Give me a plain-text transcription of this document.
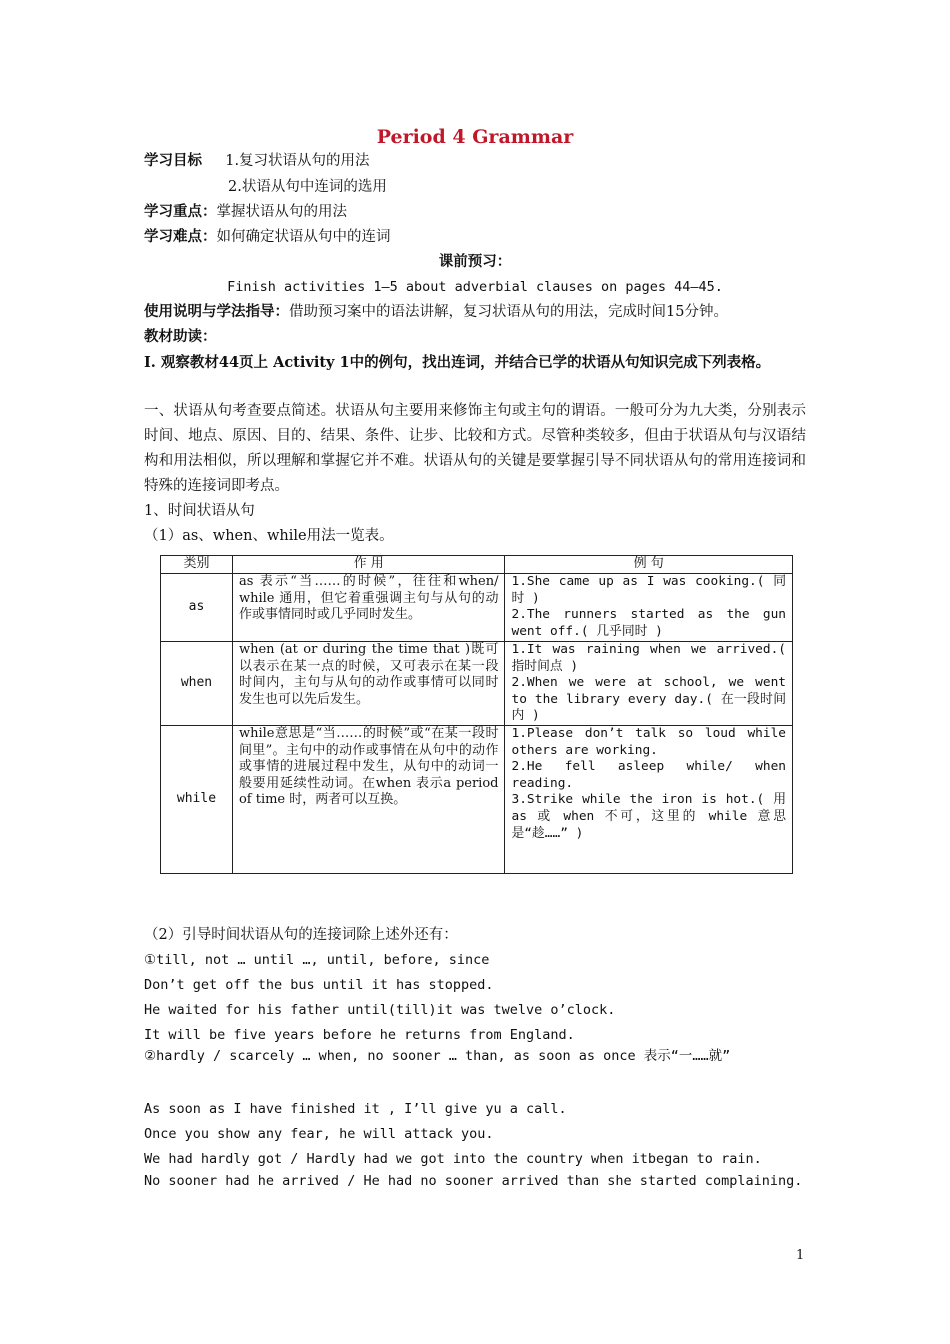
Period 4 Grammar
学习目标 1.复习状语从句的用法
2.状语从句中连词的选用
学习重点：掌握状语从句的用法
学习难点：如何确定状语从句中的连词
课前预习：
Finish activities 1—5 about adverbial clauses on pages 44—45.
使用说明与学法指导：借助预习案中的语法讲解，复习状语从句的用法，完成时间15分钟。
教材助读：
I. 观察教材44页上 Activity 1中的例句，找出连词，并结合已学的状语从句知识完成下列表格。
一、状语从句考查要点简述。状语从句主要用来修饰主句或主句的谓语。一般可分为九大类，分别表示时间、地点、原因、目的、结果、条件、让步、比较和方式。尽管种类较多，但由于状语从句与汉语结构和用法相似，所以理解和掌握它并不难。状语从句的关键是要掌握引导不同状语从句的常用连接词和特殊的连接词即考点。
1、时间状语从句
（1）as、when、while用法一览表。
类别	作 用	例 句
as	as 表示“当……的时候”，往往和when/ while 通用，但它着重强调主句与从句的动作或事情同时或几乎同时发生。	1.She came up as I was cooking.( 同时 )
2.The runners started as the gun went off.( 几乎同时 )

when	when (at or during the time that )既可以表示在某一点的时候，又可表示在某一段时间内，主句与从句的动作或事情可以同时发生也可以先后发生。	1.It was raining when we arrived.( 指时间点 )
2.When we were at school, we went to the library every day.( 在一段时间内 )

while	while意思是“当……的时候”或“在某一段时间里”。主句中的动作或事情在从句中的动作或事情的进展过程中发生，从句中的动词一般要用延续性动词。在when 表示a period of time 时，两者可以互换。	1.Please don’t talk so loud while others are working.
2.He fell asleep while/ when reading.
3.Strike while the iron is hot.( 用 as 或 when 不可，这里的 while 意思是“趁……” )
（2）引导时间状语从句的连接词除上述外还有：
①till, not … until …, until, before, since
Don’t get off the bus until it has stopped.
He waited for his father until(till)it was twelve o’clock.
It will be five years before he returns from England.
②hardly / scarcely … when, no sooner … than, as soon as once 表示“一……就”
As soon as I have finished it , I’ll give yu a call.
Once you show any fear, he will attack you.
We had hardly got / Hardly had we got into the country when itbegan to rain.
No sooner had he arrived / He had no sooner arrived than she started complaining.
1
